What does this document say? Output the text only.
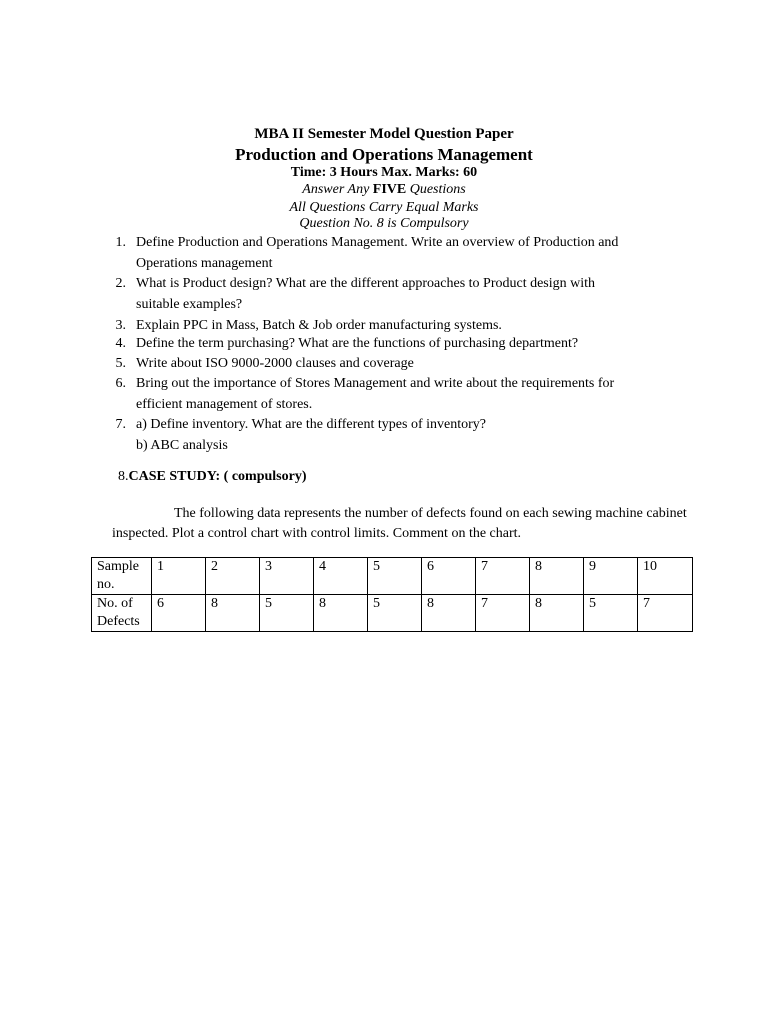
MBA II Semester Model Question Paper
Production and Operations Management
Time: 3 Hours Max. Marks: 60
Answer Any FIVE Questions
All Questions Carry Equal Marks
Question No. 8 is Compulsory
1. Define Production and Operations Management. Write an overview of Production and
Operations management
2. What is Product design? What are the different approaches to Product design with
suitable examples?
3. Explain PPC in Mass, Batch & Job order manufacturing systems.
4. Define the term purchasing? What are the functions of purchasing department?
5. Write about ISO 9000-2000 clauses and coverage
6. Bring out the importance of Stores Management and write about the requirements for
efficient management of stores.
7. a) Define inventory. What are the different types of inventory?
b) ABC analysis
8.CASE STUDY: ( compulsory)
The following data represents the number of defects found on each sewing machine cabinet inspected. Plot a control chart with control limits. Comment on the chart.
Sample no.	1	2	3	4	5	6	7	8	9	10
No. of Defects	6	8	5	8	5	8	7	8	5	7
